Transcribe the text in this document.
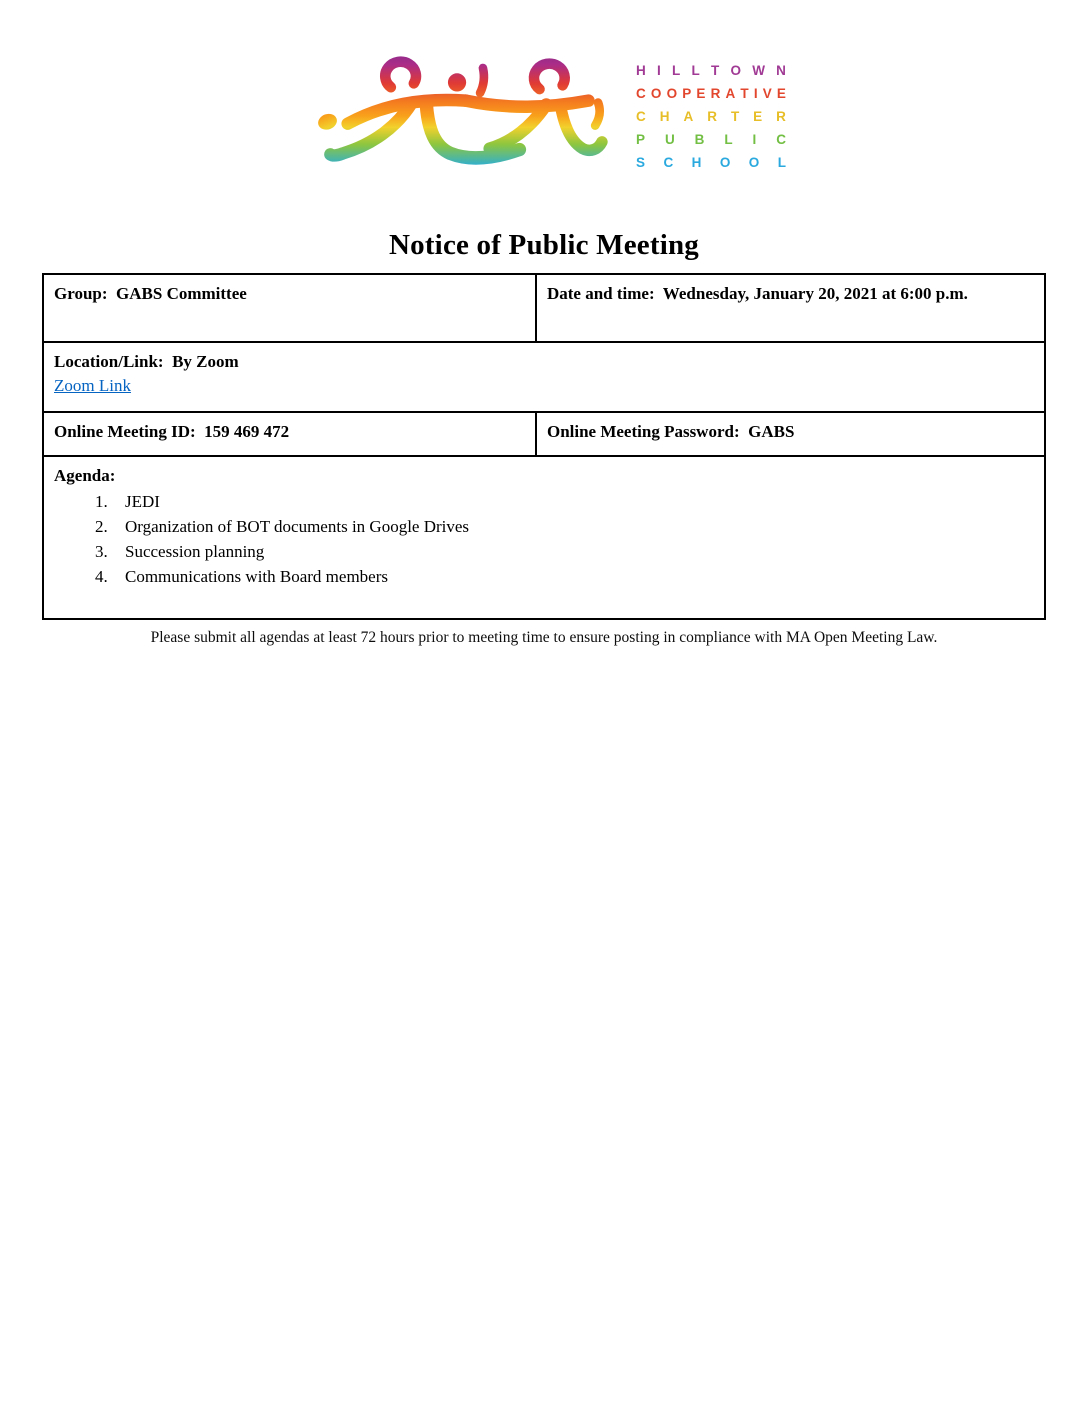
H I L L T O W N
C O O P E R A T I V E
C H A R T E R
P U B L I C
S C H O O L
Notice of Public Meeting
Group:  GABS Committee	Date and time:  Wednesday, January 20, 2021 at 6:00 p.m.

Location/Link:  By Zoom
Zoom Link	
Online Meeting ID:  159 469 472	Online Meeting Password:  GABS

Agenda:
1. JEDI
2. Organization of BOT documents in Google Drives
3. Succession planning
4. Communications with Board members

Please submit all agendas at least 72 hours prior to meeting time to ensure posting in compliance with MA Open Meeting Law.
